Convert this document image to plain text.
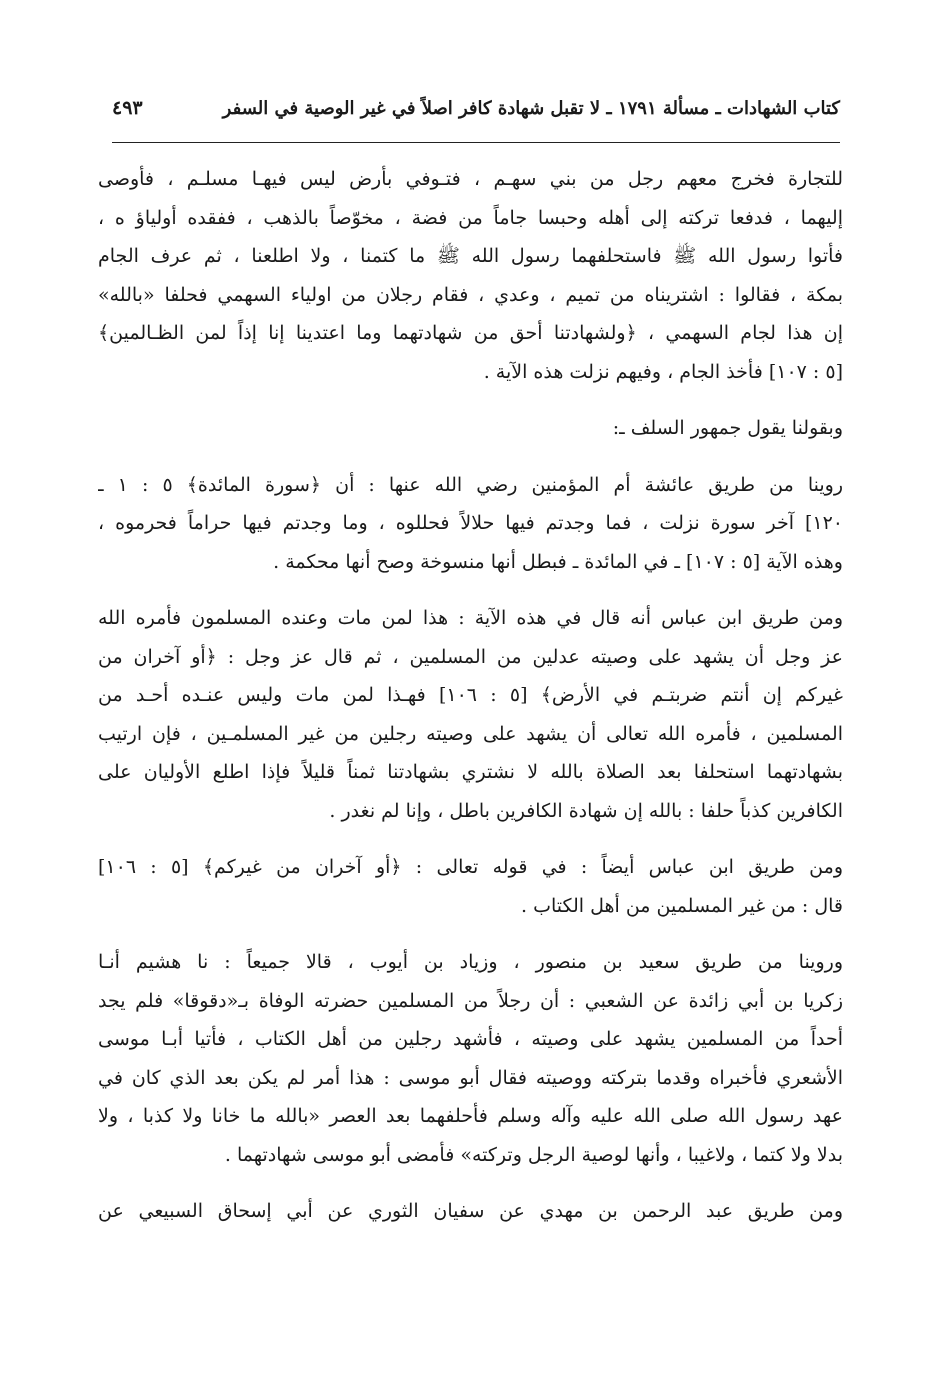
كتاب الشهادات ـ مسألة ١٧٩١ ـ لا تقبل شهادة كافر اصلاً في غير الوصية في السفر
٤٩٣
للتجارة فخرج معهم رجل من بني سهـم ، فتـوفي بأرض ليس فيهـا مسلـم ، فأوصى
إليهما ، فدفعا تركته إلى أهله وحبسا جاماً من فضة ، مخوّصاً بالذهب ، ففقده أولياؤ ه ،
فأتوا رسول الله ﷺ فاستحلفهما رسول الله ﷺ ما كتمنا ، ولا اطلعنا ، ثم عرف الجام
بمكة ، فقالوا : اشتريناه من تميم ، وعدي ، فقام رجلان من اولياء السهمي فحلفا «بالله»
إن هذا لجام السهمي ، ﴿ولشهادتنا أحق من شهادتهما وما اعتدينا إنا إذاً لمن الظـالمين﴾
[٥ : ١٠٧] فأخذ الجام ، وفيهم نزلت هذه الآية .
وبقولنا يقول جمهور السلف ـ:
روينا من طريق عائشة أم المؤمنين رضي الله عنها : أن ﴿سورة المائدة﴾ ٥ : ١ ـ
١٢٠] آخر سورة نزلت ، فما وجدتم فيها حلالاً فحللوه ، وما وجدتم فيها حراماً فحرموه ،
وهذه الآية [٥ : ١٠٧] ـ في المائدة ـ فبطل أنها منسوخة وصح أنها محكمة .
ومن طريق ابن عباس أنه قال في هذه الآية : هذا لمن مات وعنده المسلمون فأمره الله
عز وجل أن يشهد على وصيته عدلين من المسلمين ، ثم قال عز وجل : ﴿أو آخران من
غيركم إن أنتم ضربتـم في الأرض﴾ [٥ : ١٠٦] فهـذا لمن مات وليس عنـده أحـد من
المسلمين ، فأمره الله تعالى أن يشهد على وصيته رجلين من غير المسلمـين ، فإن ارتيب
بشهادتهما استحلفا بعد الصلاة بالله لا نشتري بشهادتنا ثمناً قليلاً فإذا اطلع الأوليان على
الكافرين كذباً حلفا : بالله إن شهادة الكافرين باطل ، وإنا لم نغدر .
ومن طريق ابن عباس أيضاً : في قوله تعالى : ﴿أو آخران من غيركم﴾ [٥ : ١٠٦]
قال : من غير المسلمين من أهل الكتاب .
وروينا من طريق سعيد بن منصور ، وزياد بن أيوب ، قالا جميعاً : نا هشيم أنـا
زكريا بن أبي زائدة عن الشعبي : أن رجلاً من المسلمين حضرته الوفاة بـ«دقوقا» فلم يجد
أحداً من المسلمين يشهد على وصيته ، فأشهد رجلين من أهل الكتاب ، فأتيا أبـا موسى
الأشعري فأخبراه وقدما بتركته ووصيته فقال أبو موسى : هذا أمر لم يكن بعد الذي كان في
عهد رسول الله صلى الله عليه وآله وسلم فأحلفهما بعد العصر «بالله ما خانا ولا كذبا ، ولا
بدلا ولا كتما ، ولاغيبا ، وأنها لوصية الرجل وتركته» فأمضى أبو موسى شهادتهما .
ومن طريق عبد الرحمن بن مهدي عن سفيان الثوري عن أبي إسحاق السبيعي عن
